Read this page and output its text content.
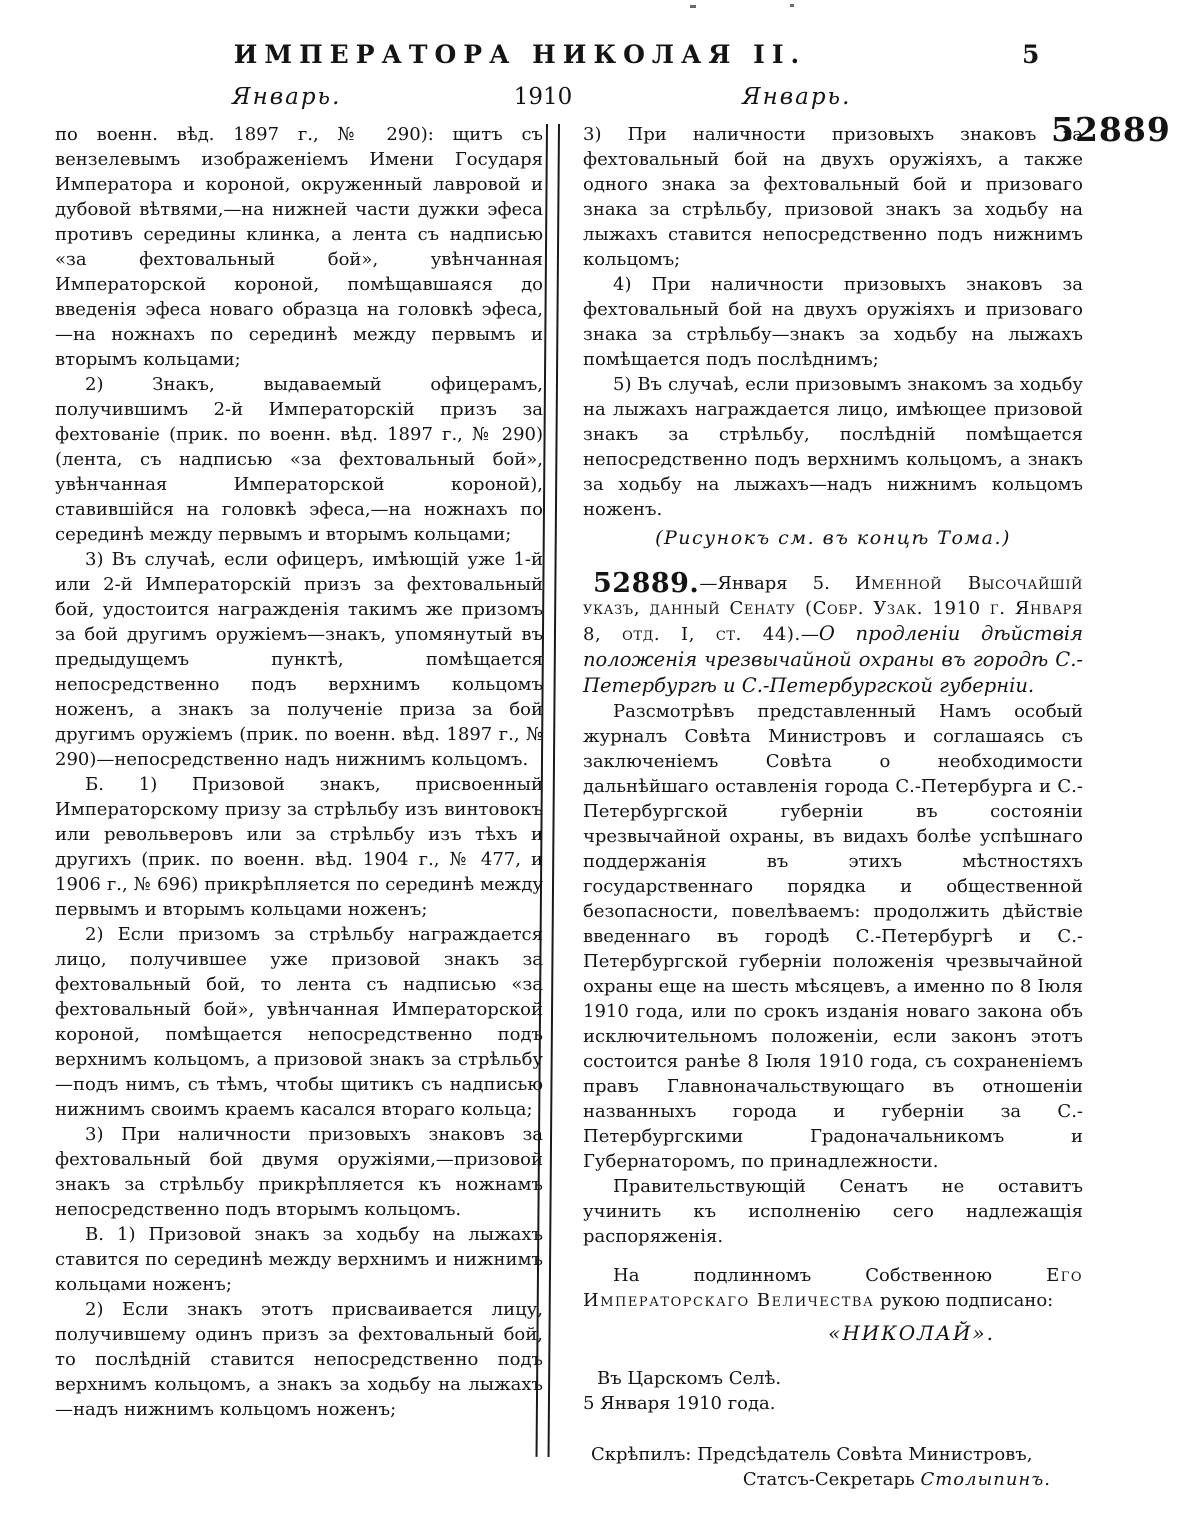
ИМПЕРАТОРА НИКОЛАЯ II.	5
Январь.	1910	Январь.
52889

по военн. вѣд. 1897 г., № 290): щитъ съ вензелевымъ изображеніемъ Имени Государя Императора и короной, окруженный лавровой и дубовой вѣтвями,—на нижней части дужки эфеса противъ середины клинка, а лента съ надписью «за фехтовальный бой», увѣнчанная Императорской короной, помѣщавшаяся до введенія эфеса новаго образца на головкѣ эфеса,—на ножнахъ по серединѣ между первымъ и вторымъ кольцами;

2) Знакъ, выдаваемый офицерамъ, получившимъ 2-й Императорскій призъ за фехтованіе (прик. по военн. вѣд. 1897 г., № 290) (лента, съ надписью «за фехтовальный бой», увѣнчанная Императорской короной), ставившійся на головкѣ эфеса,—на ножнахъ по серединѣ между первымъ и вторымъ кольцами;

3) Въ случаѣ, если офицеръ, имѣющій уже 1-й или 2-й Императорскій призъ за фехтовальный бой, удостоится награжденія такимъ же призомъ за бой другимъ оружіемъ—знакъ, упомянутый въ предыдущемъ пунктѣ, помѣщается непосредственно подъ верхнимъ кольцомъ ноженъ, а знакъ за полученіе приза за бой другимъ оружіемъ (прик. по военн. вѣд. 1897 г., № 290)—непосредственно надъ нижнимъ кольцомъ.

Б. 1) Призовой знакъ, присвоенный Императорскому призу за стрѣльбу изъ винтовокъ или револьверовъ или за стрѣльбу изъ тѣхъ и другихъ (прик. по военн. вѣд. 1904 г., № 477, и 1906 г., № 696) прикрѣпляется по серединѣ между первымъ и вторымъ кольцами ноженъ;

2) Если призомъ за стрѣльбу награждается лицо, получившее уже призовой знакъ за фехтовальный бой, то лента съ надписью «за фехтовальный бой», увѣнчанная Императорской короной, помѣщается непосредственно подъ верхнимъ кольцомъ, а призовой знакъ за стрѣльбу—подъ нимъ, съ тѣмъ, чтобы щитикъ съ надписью нижнимъ своимъ краемъ касался втораго кольца;

3) При наличности призовыхъ знаковъ за фехтовальный бой двумя оружіями,—призовой знакъ за стрѣльбу прикрѣпляется къ ножнамъ непосредственно подъ вторымъ кольцомъ.

В. 1) Призовой знакъ за ходьбу на лыжахъ ставится по серединѣ между верхнимъ и нижнимъ кольцами ноженъ;

2) Если знакъ этотъ присваивается лицу, получившему одинъ призъ за фехтовальный бой, то послѣдній ставится непосредственно подъ верхнимъ кольцомъ, а знакъ за ходьбу на лыжахъ—надъ нижнимъ кольцомъ ноженъ;

3) При наличности призовыхъ знаковъ за фехтовальный бой на двухъ оружіяхъ, а также одного знака за фехтовальный бой и призоваго знака за стрѣльбу, призовой знакъ за ходьбу на лыжахъ ставится непосредственно подъ нижнимъ кольцомъ;

4) При наличности призовыхъ знаковъ за фехтовальный бой на двухъ оружіяхъ и призоваго знака за стрѣльбу—знакъ за ходьбу на лыжахъ помѣщается подъ послѣднимъ;

5) Въ случаѣ, если призовымъ знакомъ за ходьбу на лыжахъ награждается лицо, имѣющее призовой знакъ за стрѣльбу, послѣдній помѣщается непосредственно подъ верхнимъ кольцомъ, а знакъ за ходьбу на лыжахъ—надъ нижнимъ кольцомъ ноженъ.

(Рисунокъ см. въ концѣ Тома.)

52889.—Января 5. Именной Высочайшій указъ, данный Сенату (Собр. Узак. 1910 г. Января 8, отд. I, ст. 44).—О продленіи дѣйствія положенія чрезвычайной охраны въ городѣ С.-Петербургѣ и С.-Петербургской губерніи.

Разсмотрѣвъ представленный Намъ особый журналъ Совѣта Министровъ и соглашаясь съ заключеніемъ Совѣта о необходимости дальнѣйшаго оставленія города С.-Петербурга и С.-Петербургской губерніи въ состояніи чрезвычайной охраны, въ видахъ болѣе успѣшнаго поддержанія въ этихъ мѣстностяхъ государственнаго порядка и общественной безопасности, повелѣваемъ: продолжить дѣйствіе введеннаго въ городѣ С.-Петербургѣ и С.-Петербургской губерніи положенія чрезвычайной охраны еще на шесть мѣсяцевъ, а именно по 8 Іюля 1910 года, или по срокъ изданія новаго закона объ исключительномъ положеніи, если законъ этотъ состоится ранѣе 8 Іюля 1910 года, съ сохраненіемъ правъ Главноначальствующаго въ отношеніи названныхъ города и губерніи за С.-Петербургскими Градоначальникомъ и Губернаторомъ, по принадлежности.

Правительствующій Сенатъ не оставитъ учинить къ исполненію сего надлежащія распоряженія.

На подлинномъ Собственною Его Императорскаго Величества рукою подписано:

«НИКОЛАЙ».

Въ Царскомъ Селѣ.

5 Января 1910 года.

Скрѣпилъ: Предсѣдатель Совѣта Министровъ,

Статсъ-Секретарь Столыпинъ.
